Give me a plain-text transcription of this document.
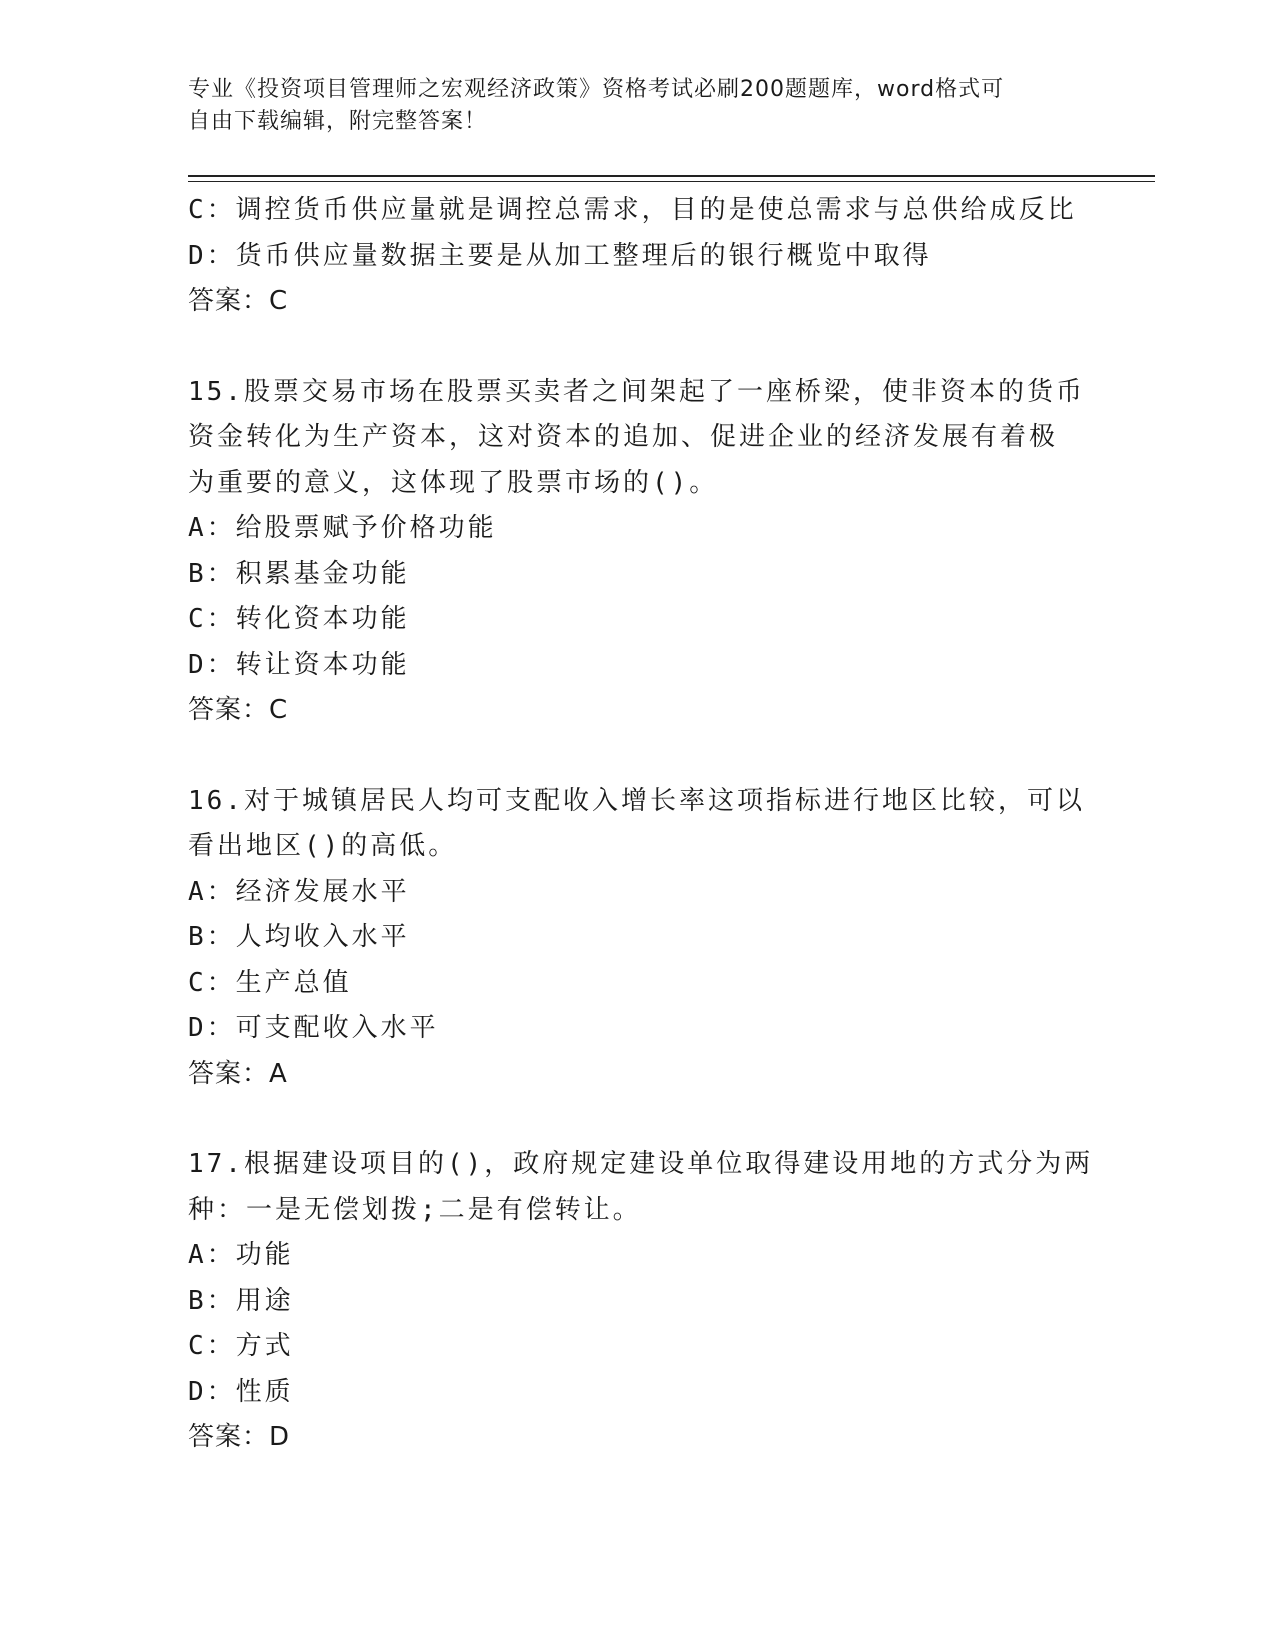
专业《投资项目管理师之宏观经济政策》资格考试必刷200题题库，word格式可
自由下载编辑，附完整答案！
C：调控货币供应量就是调控总需求，目的是使总需求与总供给成反比
D：货币供应量数据主要是从加工整理后的银行概览中取得
答案：C
15.股票交易市场在股票买卖者之间架起了一座桥梁，使非资本的货币
资金转化为生产资本，这对资本的追加、促进企业的经济发展有着极
为重要的意义，这体现了股票市场的()。
A：给股票赋予价格功能
B：积累基金功能
C：转化资本功能
D：转让资本功能
答案：C
16.对于城镇居民人均可支配收入增长率这项指标进行地区比较，可以
看出地区()的高低。
A：经济发展水平
B：人均收入水平
C：生产总值
D：可支配收入水平
答案：A
17.根据建设项目的()，政府规定建设单位取得建设用地的方式分为两
种：一是无偿划拨;二是有偿转让。
A：功能
B：用途
C：方式
D：性质
答案：D
